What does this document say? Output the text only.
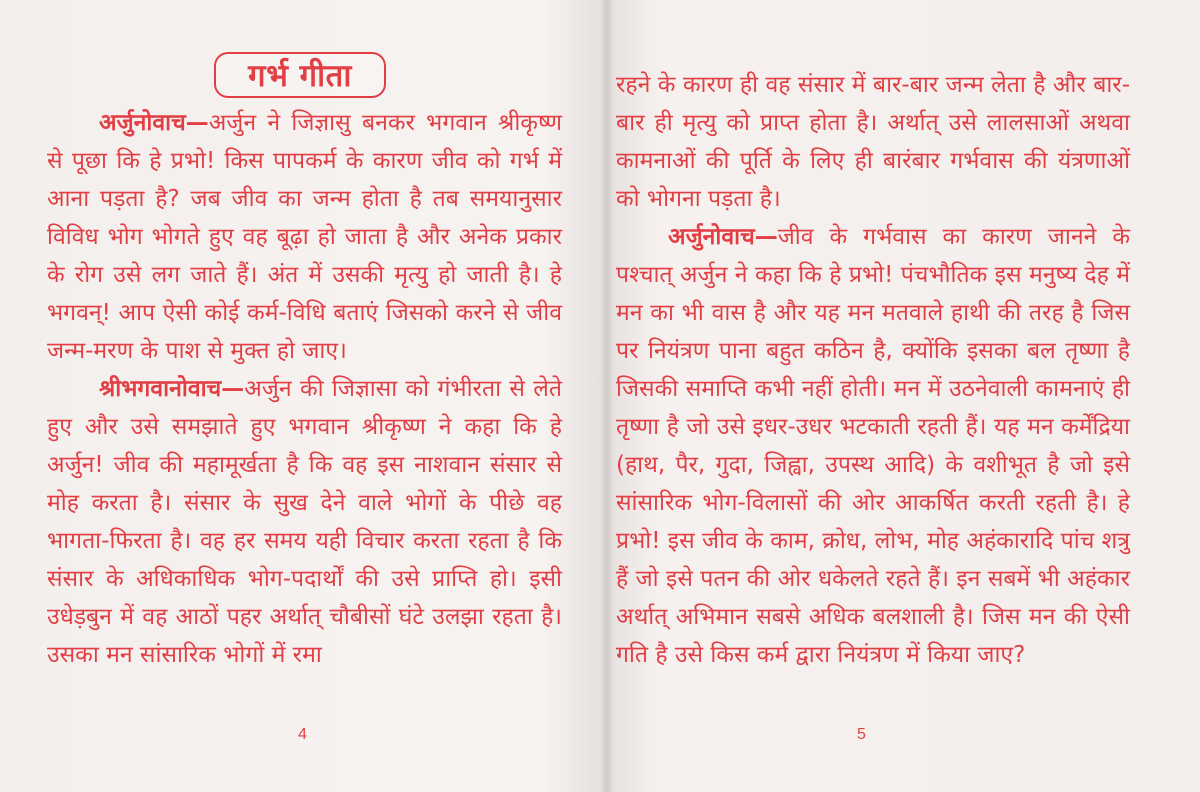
गर्भ गीता

अर्जुनोवाच—अर्जुन ने जिज्ञासु बनकर भगवान श्रीकृष्ण से पूछा कि हे प्रभो! किस पापकर्म के कारण जीव को गर्भ में आना पड़ता है? जब जीव का जन्म होता है तब समयानुसार विविध भोग भोगते हुए वह बूढ़ा हो जाता है और अनेक प्रकार के रोग उसे लग जाते हैं। अंत में उसकी मृत्यु हो जाती है। हे भगवन्! आप ऐसी कोई कर्म-विधि बताएं जिसको करने से जीव जन्म-मरण के पाश से मुक्त हो जाए।

श्रीभगवानोवाच—अर्जुन की जिज्ञासा को गंभीरता से लेते हुए और उसे समझाते हुए भगवान श्रीकृष्ण ने कहा कि हे अर्जुन! जीव की महामूर्खता है कि वह इस नाशवान संसार से मोह करता है। संसार के सुख देने वाले भोगों के पीछे वह भागता-फिरता है। वह हर समय यही विचार करता रहता है कि संसार के अधिकाधिक भोग-पदार्थों की उसे प्राप्ति हो। इसी उधेड़बुन में वह आठों पहर अर्थात् चौबीसों घंटे उलझा रहता है। उसका मन सांसारिक भोगों में रमा

4

रहने के कारण ही वह संसार में बार-बार जन्म लेता है और बार-बार ही मृत्यु को प्राप्त होता है। अर्थात् उसे लालसाओं अथवा कामनाओं की पूर्ति के लिए ही बारंबार गर्भवास की यंत्रणाओं को भोगना पड़ता है।

अर्जुनोवाच—जीव के गर्भवास का कारण जानने के पश्चात् अर्जुन ने कहा कि हे प्रभो! पंचभौतिक इस मनुष्य देह में मन का भी वास है और यह मन मतवाले हाथी की तरह है जिस पर नियंत्रण पाना बहुत कठिन है, क्योंकि इसका बल तृष्णा है जिसकी समाप्ति कभी नहीं होती। मन में उठनेवाली कामनाएं ही तृष्णा है जो उसे इधर-उधर भटकाती रहती हैं। यह मन कर्मेंद्रिया (हाथ, पैर, गुदा, जिह्वा, उपस्थ आदि) के वशीभूत है जो इसे सांसारिक भोग-विलासों की ओर आकर्षित करती रहती है। हे प्रभो! इस जीव के काम, क्रोध, लोभ, मोह अहंकारादि पांच शत्रु हैं जो इसे पतन की ओर धकेलते रहते हैं। इन सबमें भी अहंकार अर्थात् अभिमान सबसे अधिक बलशाली है। जिस मन की ऐसी गति है उसे किस कर्म द्वारा नियंत्रण में किया जाए?

5
